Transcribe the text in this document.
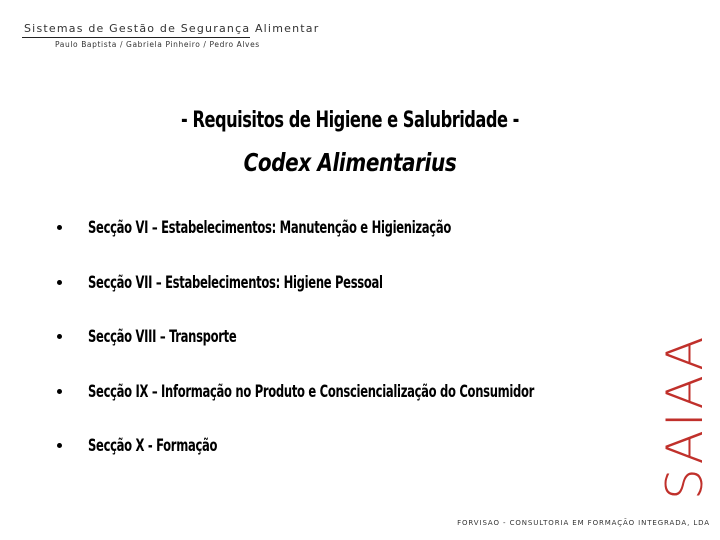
Sistemas de Gestão de Segurança Alimentar
Paulo Baptista / Gabriela Pinheiro / Pedro Alves
- Requisitos de Higiene e Salubridade -
Codex Alimentarius
Secção VI – Estabelecimentos: Manutenção e Higienização
Secção VII – Estabelecimentos: Higiene Pessoal
Secção VIII – Transporte
Secção IX – Informação no Produto e Consciencialização do Consumidor
Secção X - Formação	SAIAA
FORVISAO - CONSULTORIA EM FORMAÇÃO INTEGRADA, LDA
